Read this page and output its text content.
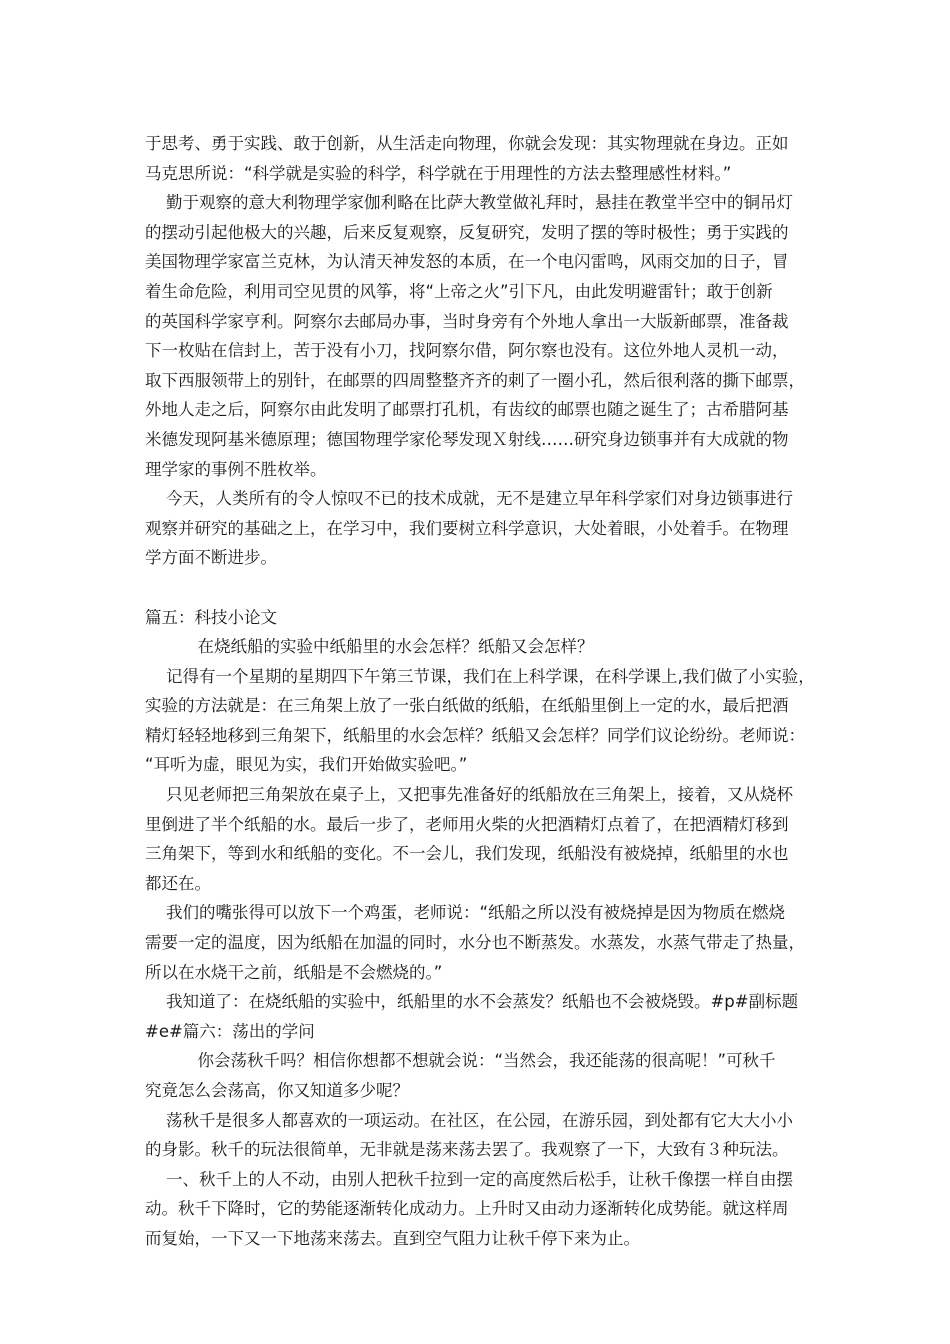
于思考、勇于实践、敢于创新，从生活走向物理，你就会发现：其实物理就在身边。正如
马克思所说：“科学就是实验的科学，科学就在于用理性的方法去整理感性材料。”
勤于观察的意大利物理学家伽利略在比萨大教堂做礼拜时，悬挂在教堂半空中的铜吊灯
的摆动引起他极大的兴趣，后来反复观察，反复研究，发明了摆的等时极性；勇于实践的
美国物理学家富兰克林，为认清天神发怒的本质，在一个电闪雷鸣，风雨交加的日子，冒
着生命危险，利用司空见贯的风筝，将“上帝之火”引下凡，由此发明避雷针；敢于创新
的英国科学家亨利。阿察尔去邮局办事，当时身旁有个外地人拿出一大版新邮票，准备裁
下一枚贴在信封上，苦于没有小刀，找阿察尔借，阿尔察也没有。这位外地人灵机一动，
取下西服领带上的别针，在邮票的四周整整齐齐的刺了一圈小孔，然后很利落的撕下邮票，
外地人走之后，阿察尔由此发明了邮票打孔机，有齿纹的邮票也随之诞生了；古希腊阿基
米德发现阿基米德原理；德国物理学家伦琴发现Ｘ射线……研究身边锁事并有大成就的物
理学家的事例不胜枚举。
今天，人类所有的令人惊叹不已的技术成就，无不是建立早年科学家们对身边锁事进行
观察并研究的基础之上，在学习中，我们要树立科学意识，大处着眼，小处着手。在物理
学方面不断进步。
篇五：科技小论文
在烧纸船的实验中纸船里的水会怎样？纸船又会怎样？
记得有一个星期的星期四下午第三节课，我们在上科学课，在科学课上,我们做了小实验，
实验的方法就是：在三角架上放了一张白纸做的纸船，在纸船里倒上一定的水，最后把酒
精灯轻轻地移到三角架下，纸船里的水会怎样？纸船又会怎样？同学们议论纷纷。老师说：
“耳听为虚，眼见为实，我们开始做实验吧。”
只见老师把三角架放在桌子上，又把事先准备好的纸船放在三角架上，接着，又从烧杯
里倒进了半个纸船的水。最后一步了，老师用火柴的火把酒精灯点着了，在把酒精灯移到
三角架下，等到水和纸船的变化。不一会儿，我们发现，纸船没有被烧掉，纸船里的水也
都还在。
我们的嘴张得可以放下一个鸡蛋，老师说：“纸船之所以没有被烧掉是因为物质在燃烧
需要一定的温度，因为纸船在加温的同时，水分也不断蒸发。水蒸发，水蒸气带走了热量，
所以在水烧干之前，纸船是不会燃烧的。”
我知道了：在烧纸船的实验中，纸船里的水不会蒸发？纸船也不会被烧毁。#p#副标题
#e#篇六：荡出的学问
你会荡秋千吗？相信你想都不想就会说：“当然会，我还能荡的很高呢！”可秋千
究竟怎么会荡高，你又知道多少呢？
荡秋千是很多人都喜欢的一项运动。在社区，在公园，在游乐园，到处都有它大大小小
的身影。秋千的玩法很简单，无非就是荡来荡去罢了。我观察了一下，大致有３种玩法。
一、秋千上的人不动，由别人把秋千拉到一定的高度然后松手，让秋千像摆一样自由摆
动。秋千下降时，它的势能逐渐转化成动力。上升时又由动力逐渐转化成势能。就这样周
而复始，一下又一下地荡来荡去。直到空气阻力让秋千停下来为止。
